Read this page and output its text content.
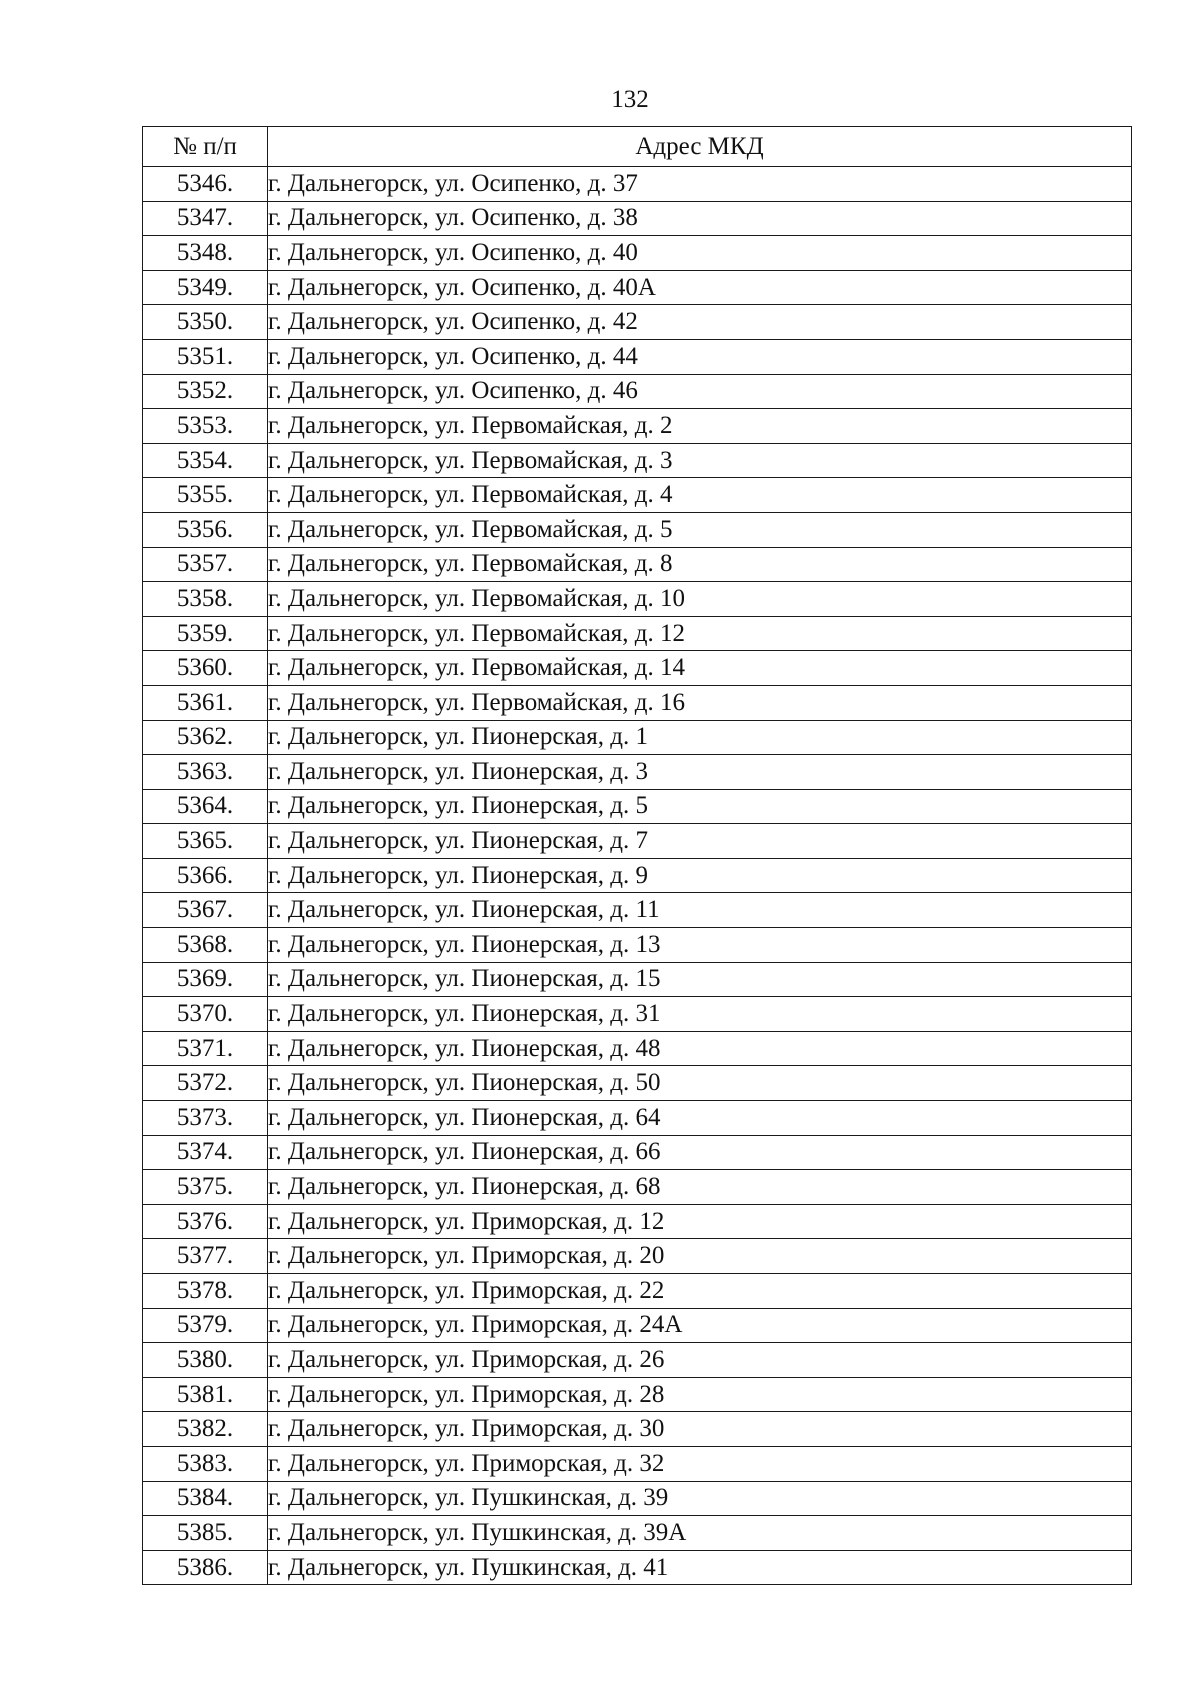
132
№ п/п	Адрес МКД
5346.	г. Дальнегорск, ул. Осипенко, д. 37
5347.	г. Дальнегорск, ул. Осипенко, д. 38
5348.	г. Дальнегорск, ул. Осипенко, д. 40
5349.	г. Дальнегорск, ул. Осипенко, д. 40А
5350.	г. Дальнегорск, ул. Осипенко, д. 42
5351.	г. Дальнегорск, ул. Осипенко, д. 44
5352.	г. Дальнегорск, ул. Осипенко, д. 46
5353.	г. Дальнегорск, ул. Первомайская, д. 2
5354.	г. Дальнегорск, ул. Первомайская, д. 3
5355.	г. Дальнегорск, ул. Первомайская, д. 4
5356.	г. Дальнегорск, ул. Первомайская, д. 5
5357.	г. Дальнегорск, ул. Первомайская, д. 8
5358.	г. Дальнегорск, ул. Первомайская, д. 10
5359.	г. Дальнегорск, ул. Первомайская, д. 12
5360.	г. Дальнегорск, ул. Первомайская, д. 14
5361.	г. Дальнегорск, ул. Первомайская, д. 16
5362.	г. Дальнегорск, ул. Пионерская, д. 1
5363.	г. Дальнегорск, ул. Пионерская, д. 3
5364.	г. Дальнегорск, ул. Пионерская, д. 5
5365.	г. Дальнегорск, ул. Пионерская, д. 7
5366.	г. Дальнегорск, ул. Пионерская, д. 9
5367.	г. Дальнегорск, ул. Пионерская, д. 11
5368.	г. Дальнегорск, ул. Пионерская, д. 13
5369.	г. Дальнегорск, ул. Пионерская, д. 15
5370.	г. Дальнегорск, ул. Пионерская, д. 31
5371.	г. Дальнегорск, ул. Пионерская, д. 48
5372.	г. Дальнегорск, ул. Пионерская, д. 50
5373.	г. Дальнегорск, ул. Пионерская, д. 64
5374.	г. Дальнегорск, ул. Пионерская, д. 66
5375.	г. Дальнегорск, ул. Пионерская, д. 68
5376.	г. Дальнегорск, ул. Приморская, д. 12
5377.	г. Дальнегорск, ул. Приморская, д. 20
5378.	г. Дальнегорск, ул. Приморская, д. 22
5379.	г. Дальнегорск, ул. Приморская, д. 24А
5380.	г. Дальнегорск, ул. Приморская, д. 26
5381.	г. Дальнегорск, ул. Приморская, д. 28
5382.	г. Дальнегорск, ул. Приморская, д. 30
5383.	г. Дальнегорск, ул. Приморская, д. 32
5384.	г. Дальнегорск, ул. Пушкинская, д. 39
5385.	г. Дальнегорск, ул. Пушкинская, д. 39А
5386.	г. Дальнегорск, ул. Пушкинская, д. 41
